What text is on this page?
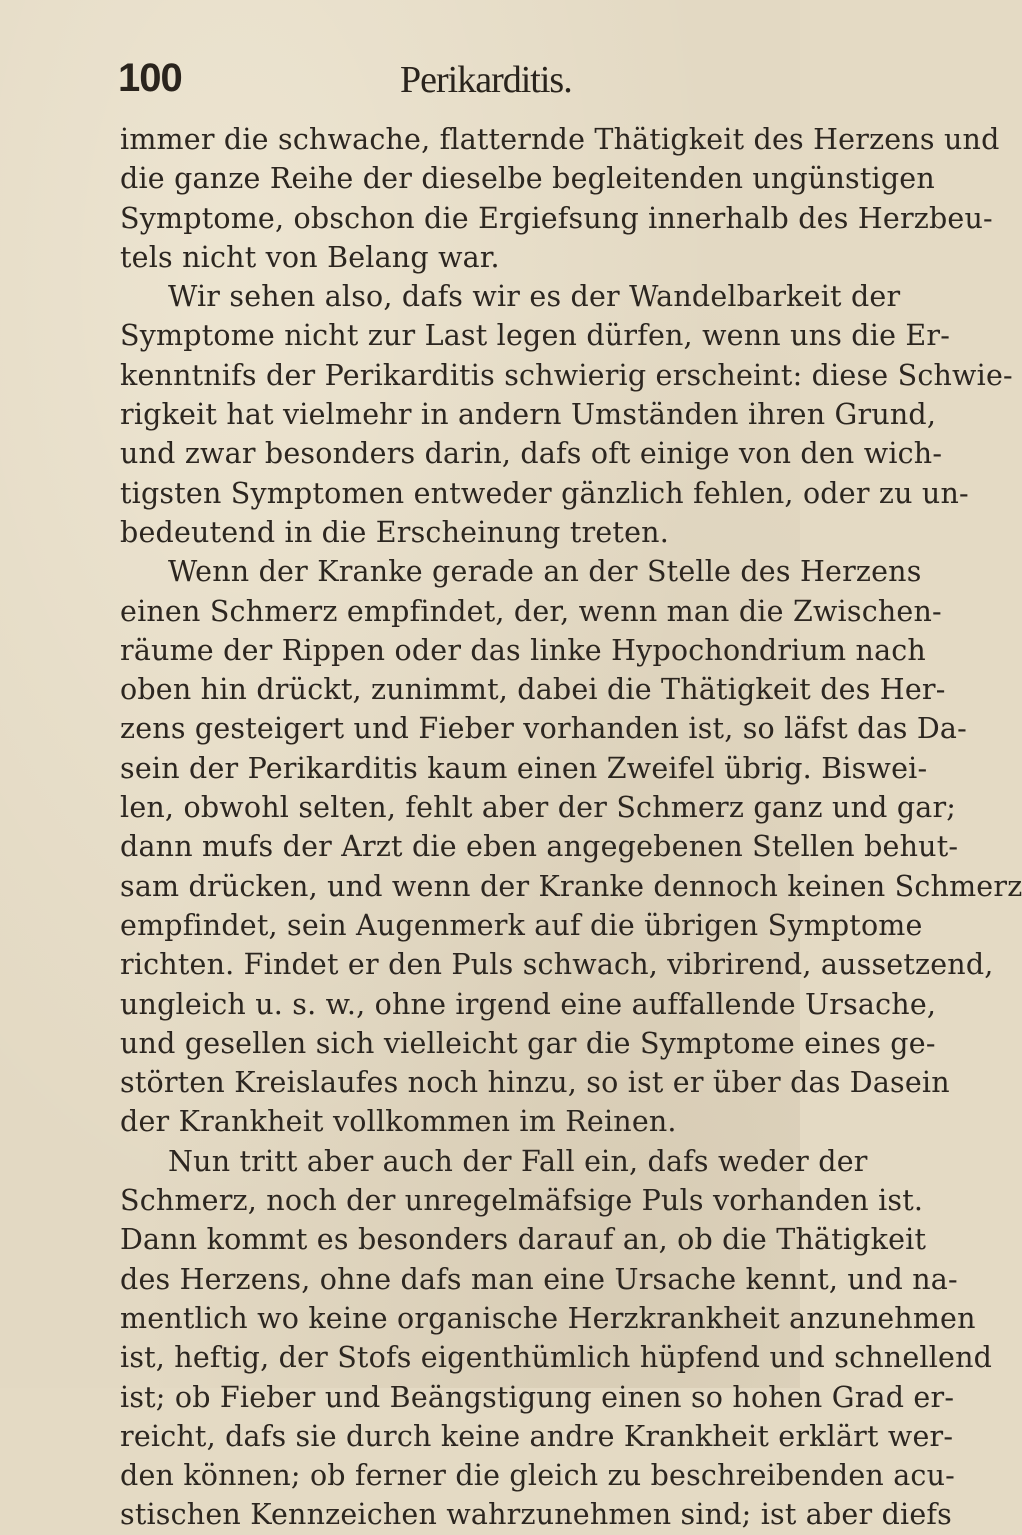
100	Perikarditis.
immer die schwache, flatternde Thätigkeit des Herzens und
die ganze Reihe der dieselbe begleitenden ungünstigen
Symptome, obschon die Ergiefsung innerhalb des Herzbeu-
tels nicht von Belang war.
Wir sehen also, dafs wir es der Wandelbarkeit der
Symptome nicht zur Last legen dürfen, wenn uns die Er-
kenntnifs der Perikarditis schwierig erscheint: diese Schwie-
rigkeit hat vielmehr in andern Umständen ihren Grund,
und zwar besonders darin, dafs oft einige von den wich-
tigsten Symptomen entweder gänzlich fehlen, oder zu un-
bedeutend in die Erscheinung treten.
Wenn der Kranke gerade an der Stelle des Herzens
einen Schmerz empfindet, der, wenn man die Zwischen-
räume der Rippen oder das linke Hypochondrium nach
oben hin drückt, zunimmt, dabei die Thätigkeit des Her-
zens gesteigert und Fieber vorhanden ist, so läfst das Da-
sein der Perikarditis kaum einen Zweifel übrig. Biswei-
len, obwohl selten, fehlt aber der Schmerz ganz und gar;
dann mufs der Arzt die eben angegebenen Stellen behut-
sam drücken, und wenn der Kranke dennoch keinen Schmerz
empfindet, sein Augenmerk auf die übrigen Symptome
richten. Findet er den Puls schwach, vibrirend, aussetzend,
ungleich u. s. w., ohne irgend eine auffallende Ursache,
und gesellen sich vielleicht gar die Symptome eines ge-
störten Kreislaufes noch hinzu, so ist er über das Dasein
der Krankheit vollkommen im Reinen.
Nun tritt aber auch der Fall ein, dafs weder der
Schmerz, noch der unregelmäfsige Puls vorhanden ist.
Dann kommt es besonders darauf an, ob die Thätigkeit
des Herzens, ohne dafs man eine Ursache kennt, und na-
mentlich wo keine organische Herzkrankheit anzunehmen
ist, heftig, der Stofs eigenthümlich hüpfend und schnellend
ist; ob Fieber und Beängstigung einen so hohen Grad er-
reicht, dafs sie durch keine andre Krankheit erklärt wer-
den können; ob ferner die gleich zu beschreibenden acu-
stischen Kennzeichen wahrzunehmen sind; ist aber diefs
